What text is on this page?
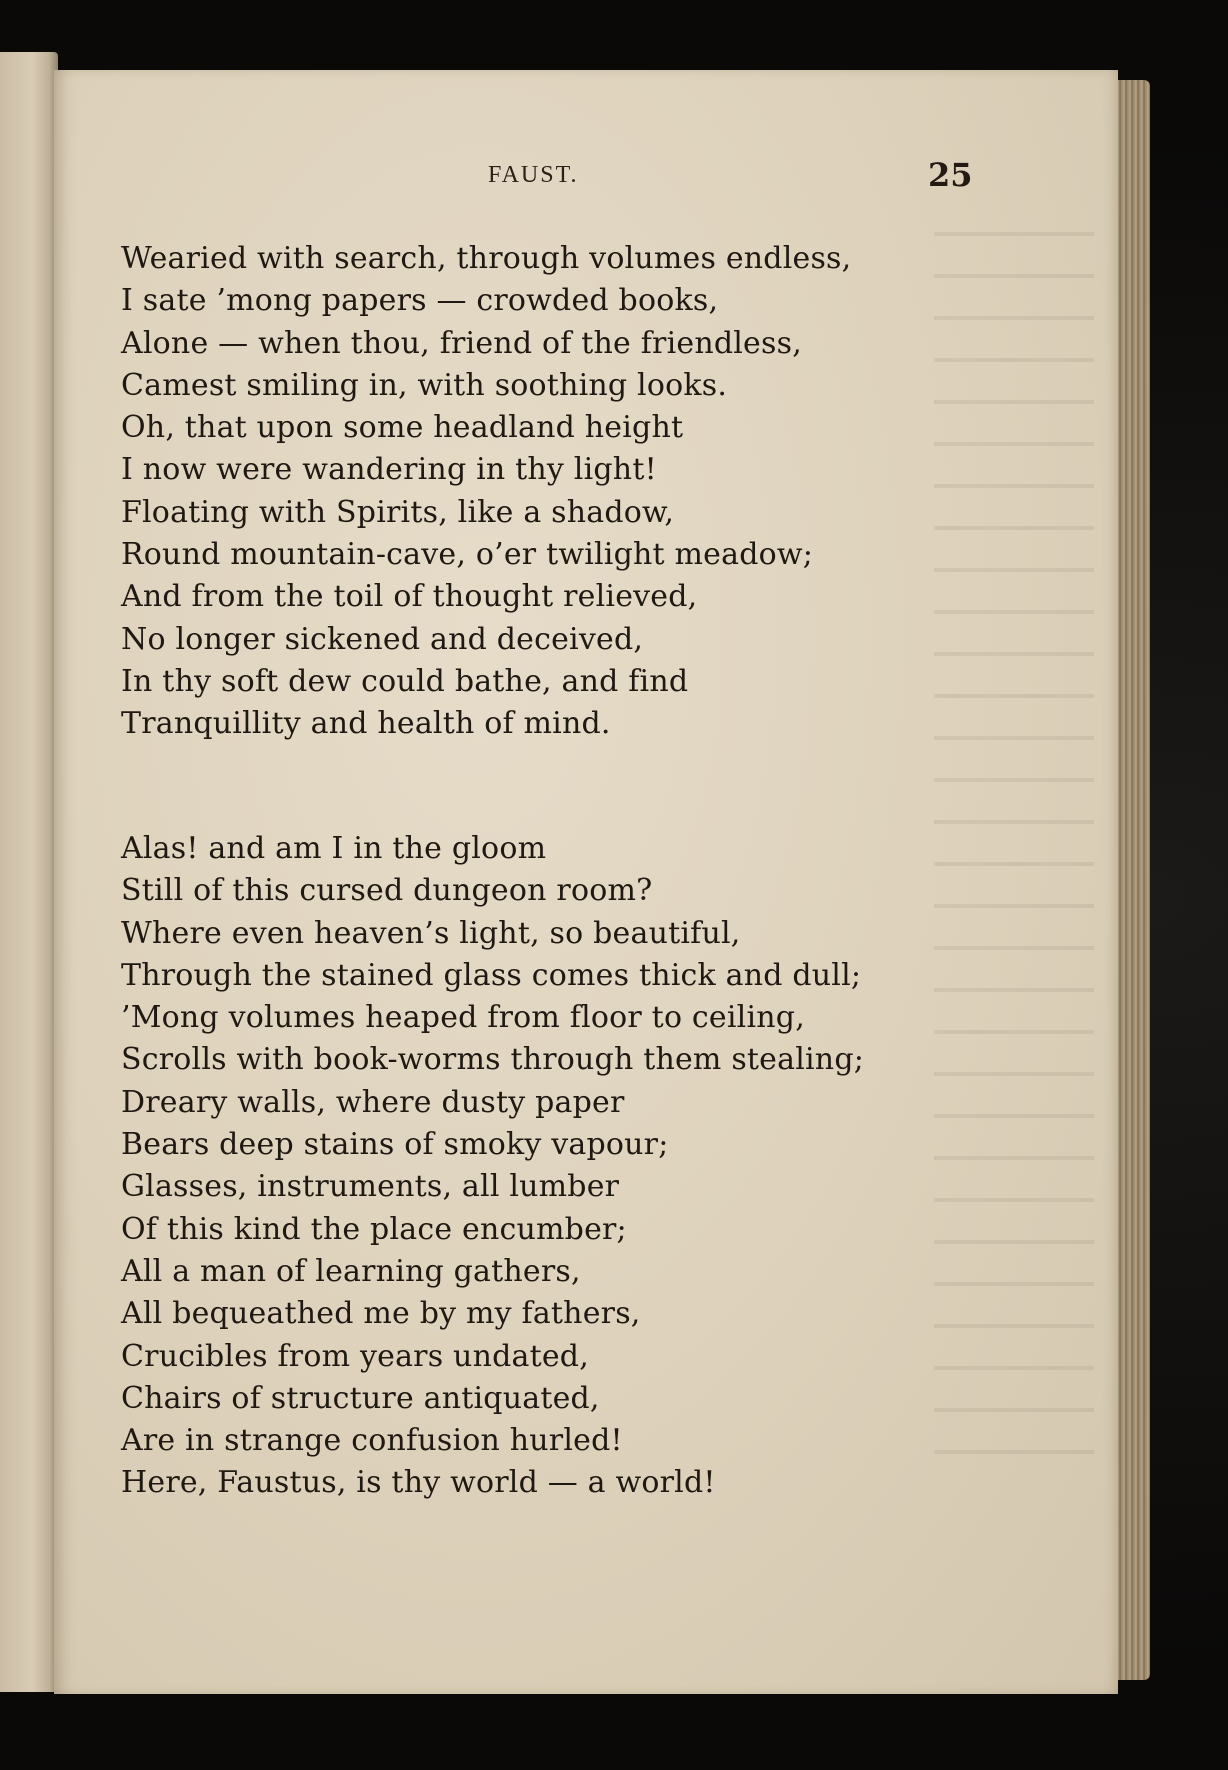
FAUST.	25
Wearied with search, through volumes endless,
I sate ’mong papers — crowded books,
Alone — when thou, friend of the friendless,
Camest smiling in, with soothing looks.
Oh, that upon some headland height
I now were wandering in thy light!
Floating with Spirits, like a shadow,
Round mountain-cave, o’er twilight meadow;
And from the toil of thought relieved,
No longer sickened and deceived,
In thy soft dew could bathe, and find
Tranquillity and health of mind.
Alas! and am I in the gloom
Still of this cursed dungeon room?
Where even heaven’s light, so beautiful,
Through the stained glass comes thick and dull;
’Mong volumes heaped from floor to ceiling,
Scrolls with book-worms through them stealing;
Dreary walls, where dusty paper
Bears deep stains of smoky vapour;
Glasses, instruments, all lumber
Of this kind the place encumber;
All a man of learning gathers,
All bequeathed me by my fathers,
Crucibles from years undated,
Chairs of structure antiquated,
Are in strange confusion hurled!
Here, Faustus, is thy world — a world!
